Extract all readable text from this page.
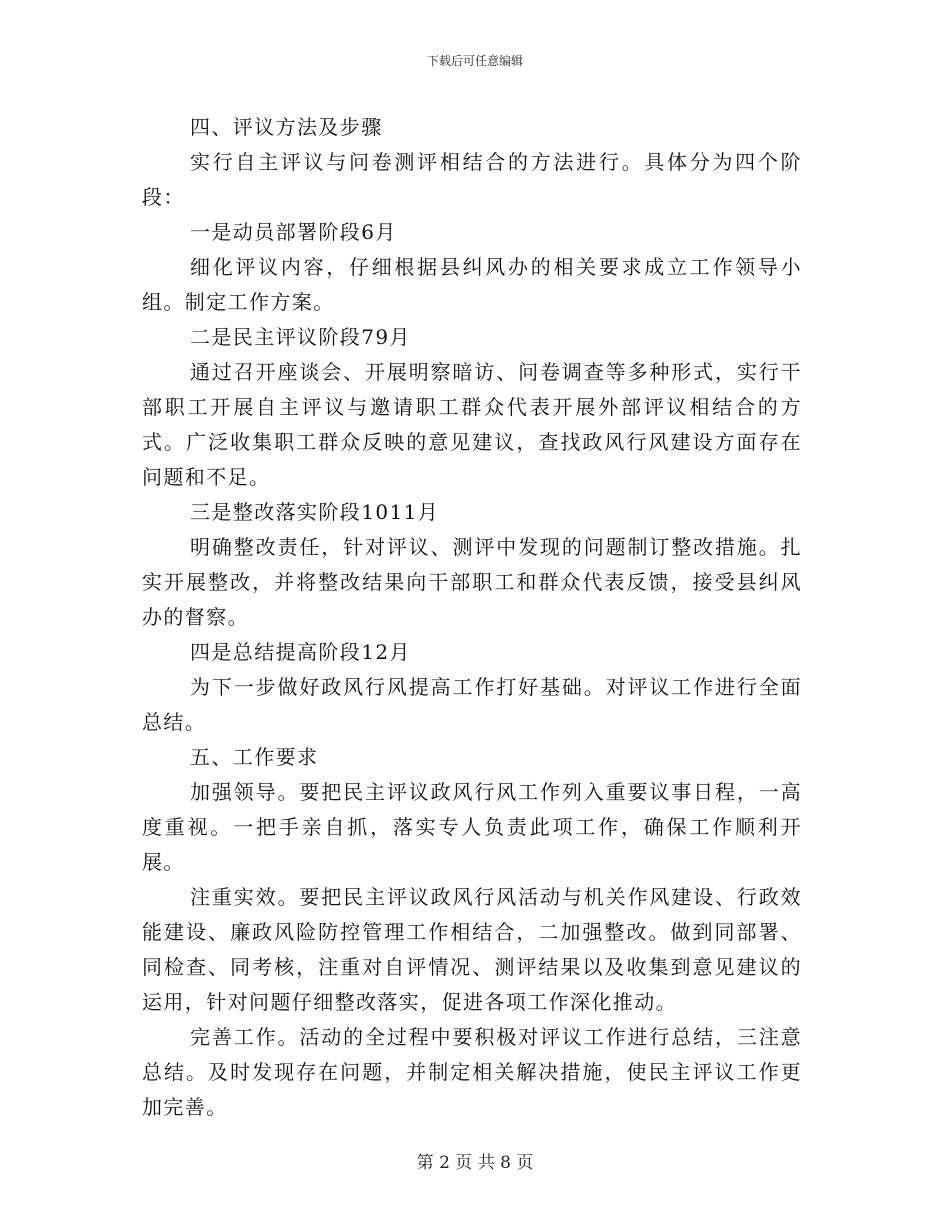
下载后可任意编辑

四、评议方法及步骤

实行自主评议与问卷测评相结合的方法进行。具体分为四个阶段：

一是动员部署阶段6月

细化评议内容，仔细根据县纠风办的相关要求成立工作领导小组。制定工作方案。

二是民主评议阶段79月

通过召开座谈会、开展明察暗访、问卷调查等多种形式，实行干部职工开展自主评议与邀请职工群众代表开展外部评议相结合的方式。广泛收集职工群众反映的意见建议，查找政风行风建设方面存在问题和不足。

三是整改落实阶段1011月

明确整改责任，针对评议、测评中发现的问题制订整改措施。扎实开展整改，并将整改结果向干部职工和群众代表反馈，接受县纠风办的督察。

四是总结提高阶段12月

为下一步做好政风行风提高工作打好基础。对评议工作进行全面总结。

五、工作要求

加强领导。要把民主评议政风行风工作列入重要议事日程，一高度重视。一把手亲自抓，落实专人负责此项工作，确保工作顺利开展。

注重实效。要把民主评议政风行风活动与机关作风建设、行政效能建设、廉政风险防控管理工作相结合，二加强整改。做到同部署、同检查、同考核，注重对自评情况、测评结果以及收集到意见建议的运用，针对问题仔细整改落实，促进各项工作深化推动。

完善工作。活动的全过程中要积极对评议工作进行总结，三注意总结。及时发现存在问题，并制定相关解决措施，使民主评议工作更加完善。

第 2 页 共 8 页
